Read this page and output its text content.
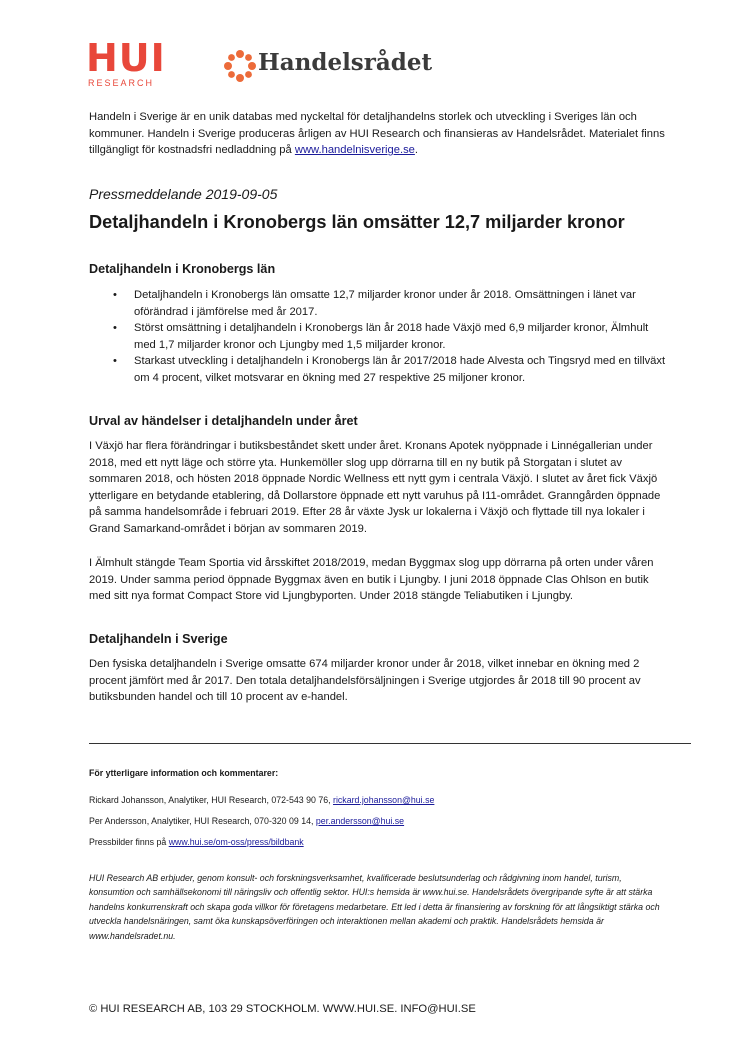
HUI
RESEARCH
Handelsrådet

Handeln i Sverige är en unik databas med nyckeltal för detaljhandelns storlek och utveckling i Sveriges län och kommuner. Handeln i Sverige produceras årligen av HUI Research och finansieras av Handelsrådet. Materialet finns tillgängligt för kostnadsfri nedladdning på www.handelnisverige.se.

Pressmeddelande 2019-09-05
Detaljhandeln i Kronobergs län omsätter 12,7 miljarder kronor
Detaljhandeln i Kronobergs län
• Detaljhandeln i Kronobergs län omsatte 12,7 miljarder kronor under år 2018. Omsättningen i länet var oförändrad i jämförelse med år 2017.
• Störst omsättning i detaljhandeln i Kronobergs län år 2018 hade Växjö med 6,9 miljarder kronor, Älmhult med 1,7 miljarder kronor och Ljungby med 1,5 miljarder kronor.
• Starkast utveckling i detaljhandeln i Kronobergs län år 2017/2018 hade Alvesta och Tingsryd med en tillväxt om 4 procent, vilket motsvarar en ökning med 27 respektive 25 miljoner kronor.
Urval av händelser i detaljhandeln under året

I Växjö har flera förändringar i butiksbeståndet skett under året. Kronans Apotek nyöppnade i Linnégallerian under 2018, med ett nytt läge och större yta. Hunkemöller slog upp dörrarna till en ny butik på Storgatan i slutet av sommaren 2018, och hösten 2018 öppnade Nordic Wellness ett nytt gym i centrala Växjö. I slutet av året fick Växjö ytterligare en betydande etablering, då Dollarstore öppnade ett nytt varuhus på I11-området. Granngården öppnade på samma handelsområde i februari 2019. Efter 28 år växte Jysk ur lokalerna i Växjö och flyttade till nya lokaler i Grand Samarkand-området i början av sommaren 2019.

I Älmhult stängde Team Sportia vid årsskiftet 2018/2019, medan Byggmax slog upp dörrarna på orten under våren 2019. Under samma period öppnade Byggmax även en butik i Ljungby. I juni 2018 öppnade Clas Ohlson en butik med sitt nya format Compact Store vid Ljungbyporten. Under 2018 stängde Teliabutiken i Ljungby.

Detaljhandeln i Sverige

Den fysiska detaljhandeln i Sverige omsatte 674 miljarder kronor under år 2018, vilket innebar en ökning med 2 procent jämfört med år 2017. Den totala detaljhandelsförsäljningen i Sverige utgjordes år 2018 till 90 procent av butiksbunden handel och till 10 procent av e-handel.

För ytterligare information och kommentarer:
Rickard Johansson, Analytiker, HUI Research, 072-543 90 76, rickard.johansson@hui.se
Per Andersson, Analytiker, HUI Research, 070-320 09 14, per.andersson@hui.se
Pressbilder finns på www.hui.se/om-oss/press/bildbank

HUI Research AB erbjuder, genom konsult- och forskningsverksamhet, kvalificerade beslutsunderlag och rådgivning inom handel, turism, konsumtion och samhällsekonomi till näringsliv och offentlig sektor. HUI:s hemsida är www.hui.se. Handelsrådets övergripande syfte är att stärka handelns konkurrenskraft och skapa goda villkor för företagens medarbetare. Ett led i detta är finansiering av forskning för att långsiktigt stärka och utveckla handelsnäringen, samt öka kunskapsöverföringen och interaktionen mellan akademi och praktik. Handelsrådets hemsida är www.handelsradet.nu.

© HUI RESEARCH AB, 103 29 STOCKHOLM. WWW.HUI.SE. INFO@HUI.SE
